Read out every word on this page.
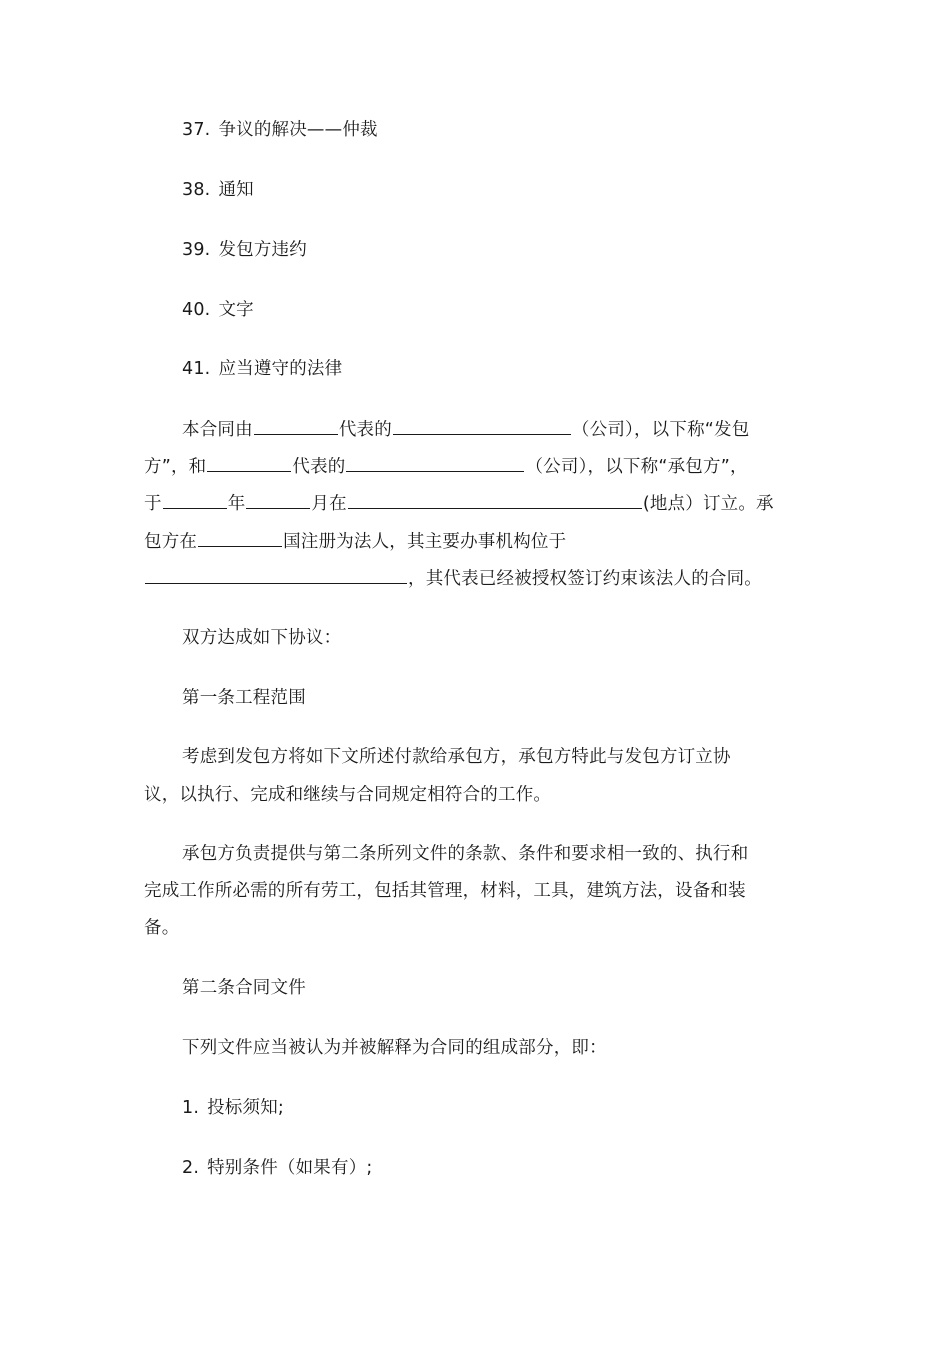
37. 争议的解决——仲裁
38. 通知
39. 发包方违约
40. 文字
41. 应当遵守的法律
本合同由	代表的	（公司），以下称“发包
方”，和	代表的	（公司），以下称“承包方”，
于	年	月在	(地点）订立。承
包方在	国注册为法人，其主要办事机构位于
，其代表已经被授权签订约束该法人的合同。
双方达成如下协议：
第一条工程范围
考虑到发包方将如下文所述付款给承包方，承包方特此与发包方订立协
议，以执行、完成和继续与合同规定相符合的工作。
承包方负责提供与第二条所列文件的条款、条件和要求相一致的、执行和
完成工作所必需的所有劳工，包括其管理，材料，工具，建筑方法，设备和装
备。
第二条合同文件
下列文件应当被认为并被解释为合同的组成部分，即：
1. 投标须知;
2. 特别条件（如果有）;
